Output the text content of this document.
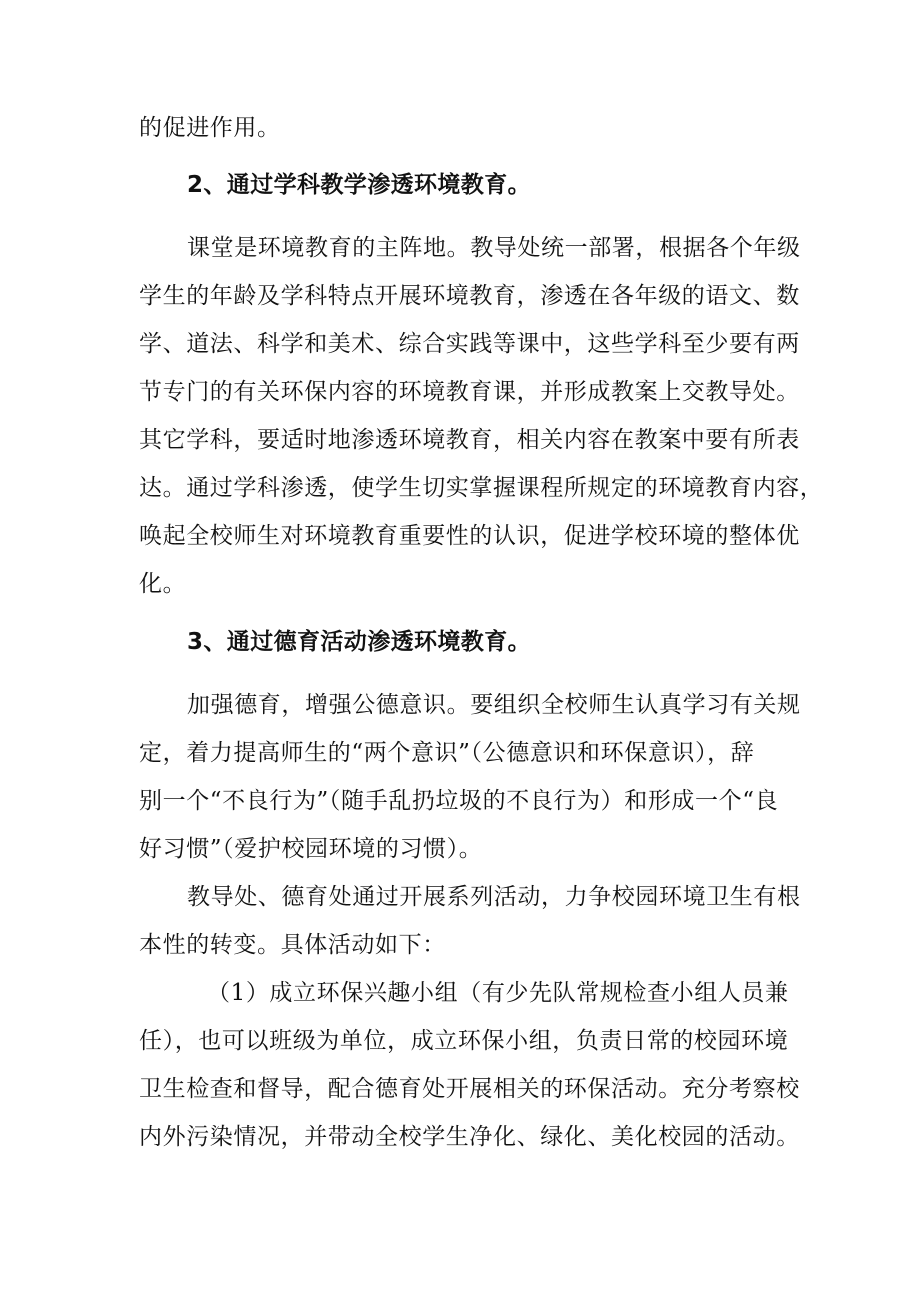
的促进作用。
2、通过学科教学渗透环境教育。
课堂是环境教育的主阵地。教导处统一部署，根据各个年级
学生的年龄及学科特点开展环境教育，渗透在各年级的语文、数
学、道法、科学和美术、综合实践等课中，这些学科至少要有两
节专门的有关环保内容的环境教育课，并形成教案上交教导处。
其它学科，要适时地渗透环境教育，相关内容在教案中要有所表
达。通过学科渗透，使学生切实掌握课程所规定的环境教育内容，
唤起全校师生对环境教育重要性的认识，促进学校环境的整体优
化。
3、通过德育活动渗透环境教育。
加强德育，增强公德意识。要组织全校师生认真学习有关规
定，着力提高师生的“两个意识”（公德意识和环保意识），辞
别一个“不良行为”（随手乱扔垃圾的不良行为）和形成一个“良
好习惯”（爱护校园环境的习惯）。
教导处、德育处通过开展系列活动，力争校园环境卫生有根
本性的转变。具体活动如下：
（1）成立环保兴趣小组（有少先队常规检查小组人员兼
任），也可以班级为单位，成立环保小组，负责日常的校园环境
卫生检查和督导，配合德育处开展相关的环保活动。充分考察校
内外污染情况，并带动全校学生净化、绿化、美化校园的活动。
